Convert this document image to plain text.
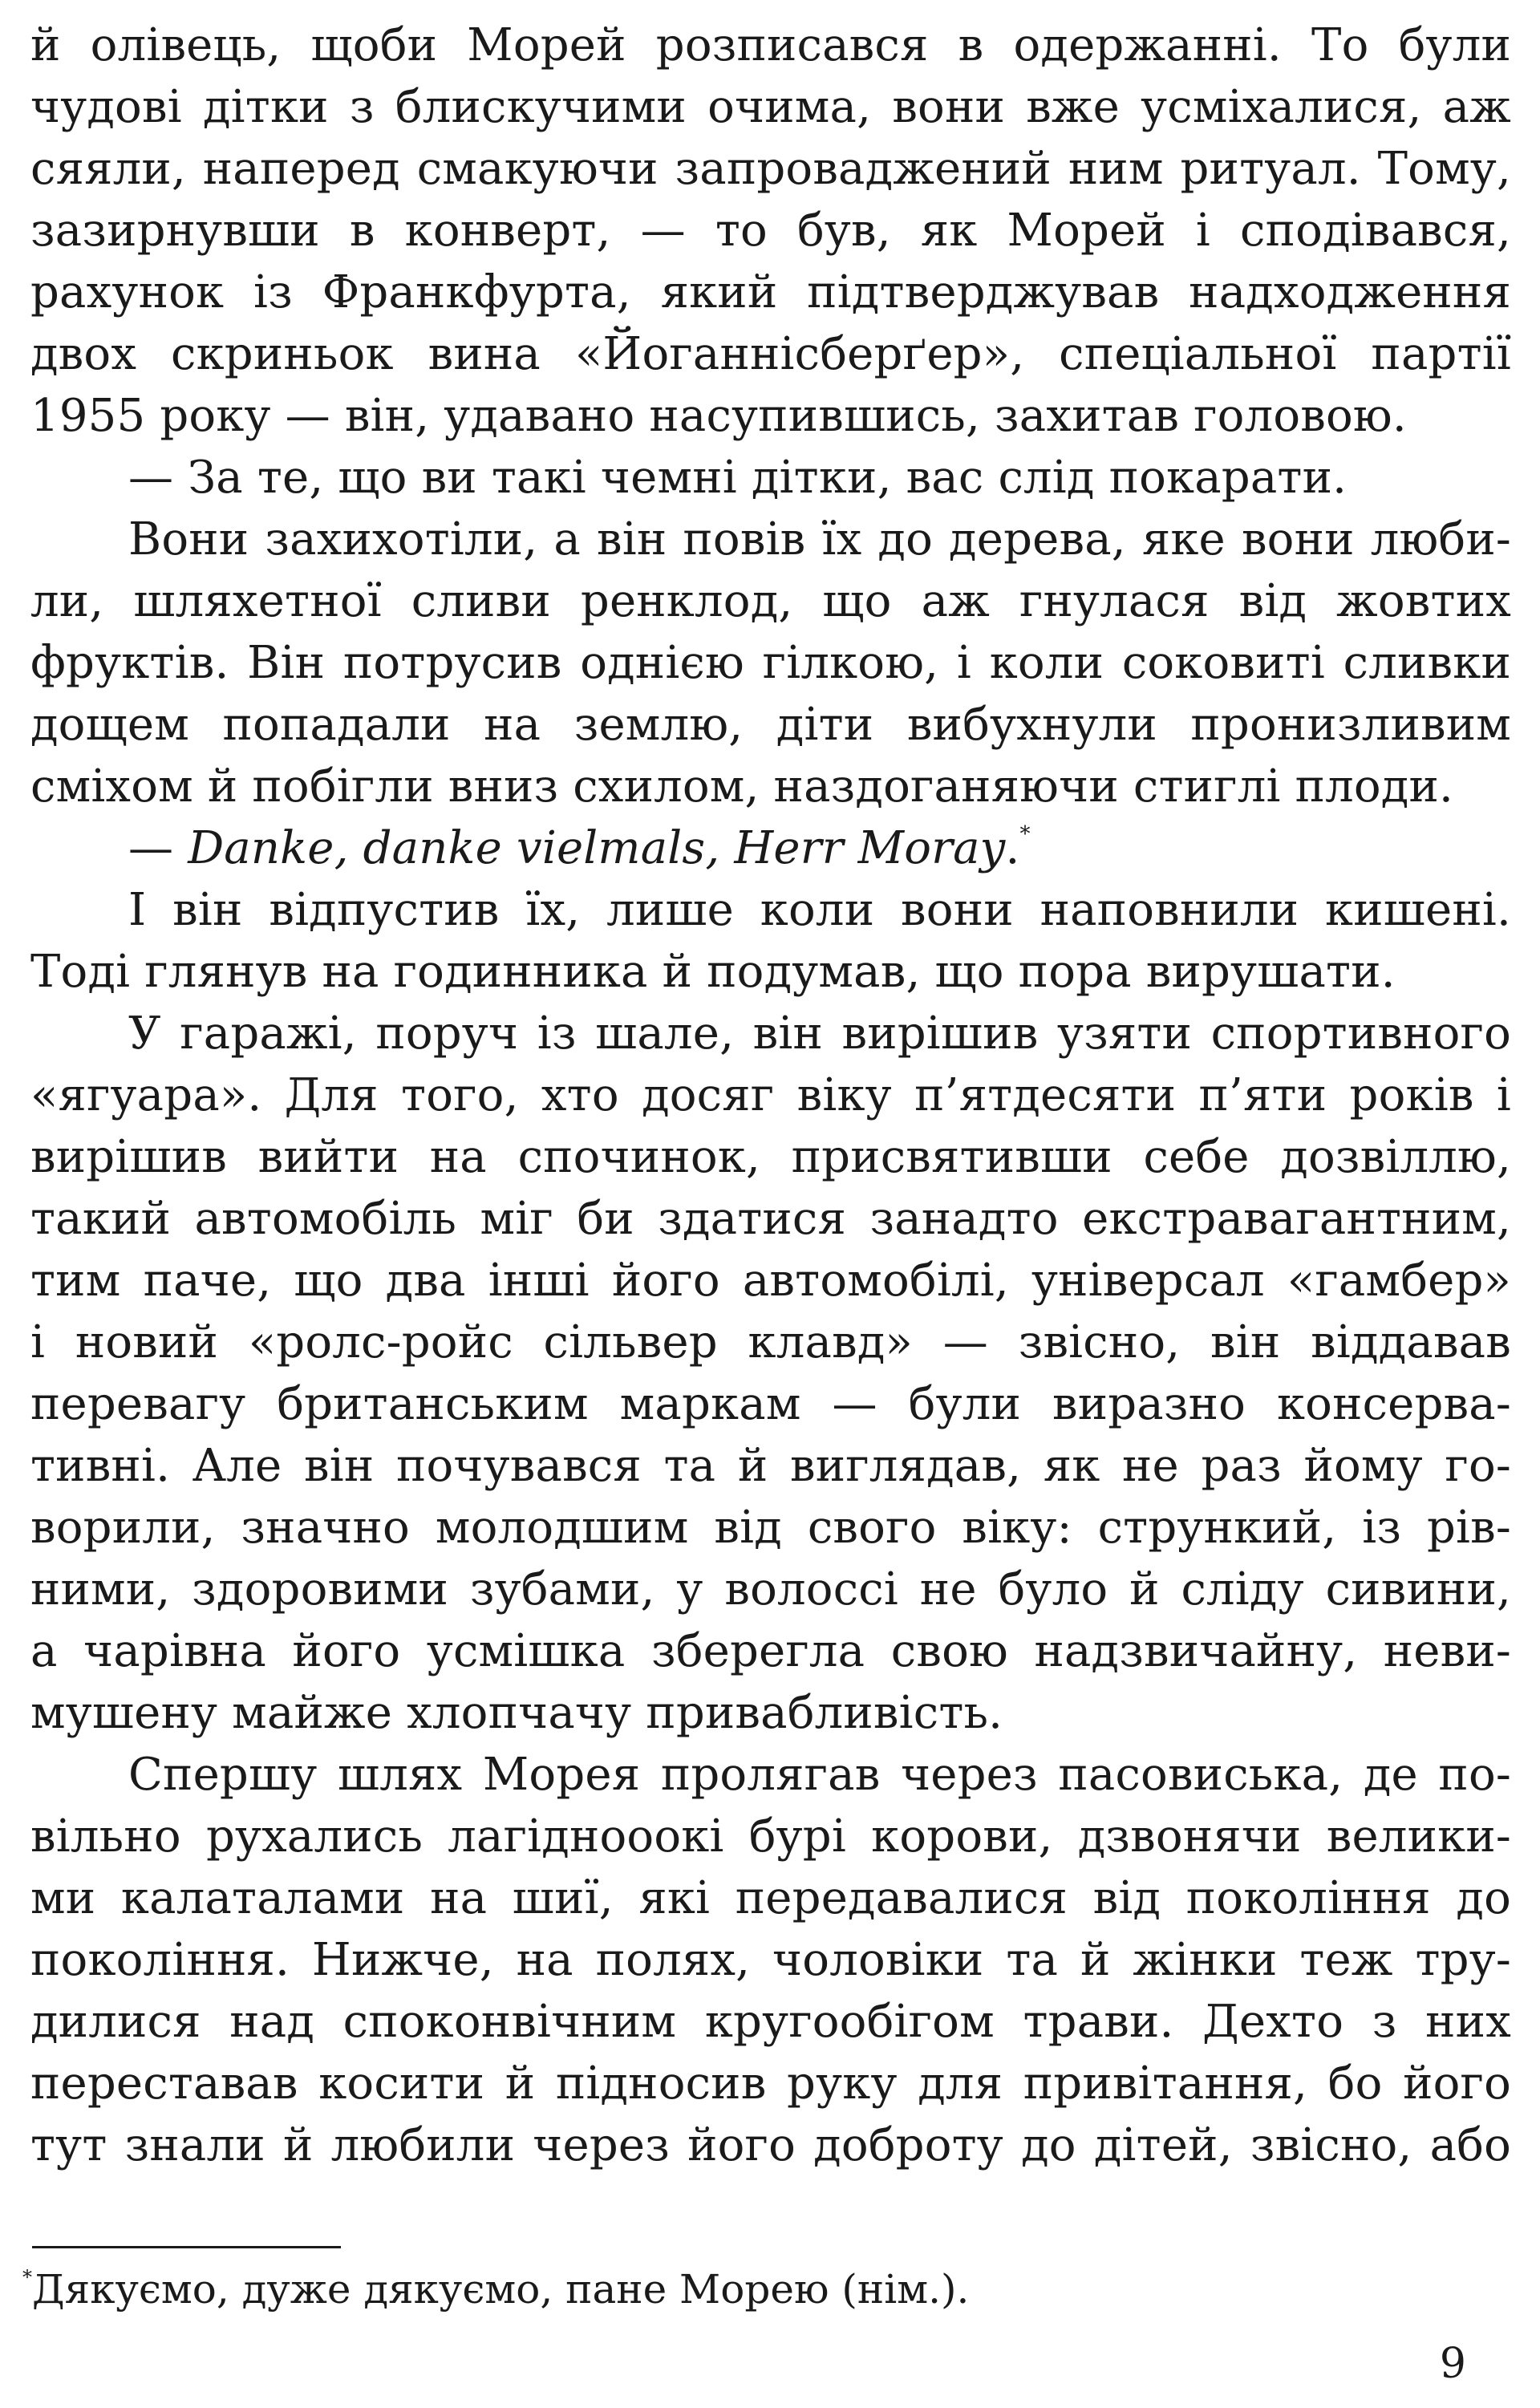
й олівець, щоби Морей розписався в одержанні. То були
чудові дітки з блискучими очима, вони вже усміхалися, аж
сяяли, наперед смакуючи запроваджений ним ритуал. Тому,
зазирнувши в конверт, — то був, як Морей і сподівався,
рахунок із Франкфурта, який підтверджував надходження
двох скриньок вина «Йоганнісберґер», спеціальної партії
1955 року — він, удавано насупившись, захитав головою.
— За те, що ви такі чемні дітки, вас слід покарати.
Вони захихотіли, а він повів їх до дерева, яке вони люби-
ли, шляхетної сливи ренклод, що аж гнулася від жовтих
фруктів. Він потрусив однією гілкою, і коли соковиті сливки
дощем попадали на землю, діти вибухнули пронизливим
сміхом й побігли вниз схилом, наздоганяючи стиглі плоди.
— Danke, danke vielmals, Herr Moray.*
І він відпустив їх, лише коли вони наповнили кишені.
Тоді глянув на годинника й подумав, що пора вирушати.
У гаражі, поруч із шале, він вирішив узяти спортивного
«ягуара». Для того, хто досяг віку п’ятдесяти п’яти років і
вирішив вийти на спочинок, присвятивши себе дозвіллю,
такий автомобіль міг би здатися занадто екстравагантним,
тим паче, що два інші його автомобілі, універсал «гамбер»
і новий «ролс-ройс сільвер клавд» — звісно, він віддавав
перевагу британським маркам — були виразно консерва-
тивні. Але він почувався та й виглядав, як не раз йому го-
ворили, значно молодшим від свого віку: стрункий, із рів-
ними, здоровими зубами, у волоссі не було й сліду сивини,
а чарівна його усмішка зберегла свою надзвичайну, неви-
мушену майже хлопчачу привабливість.
Спершу шлях Морея пролягав через пасовиська, де по-
вільно рухались лагіднооокі бурі корови, дзвонячи велики-
ми калаталами на шиї, які передавалися від покоління до
покоління. Нижче, на полях, чоловіки та й жінки теж тру-
дилися над споконвічним кругообігом трави. Дехто з них
переставав косити й підносив руку для привітання, бо його
тут знали й любили через його доброту до дітей, звісно, або
*Дякуємо, дуже дякуємо, пане Морею (нім.).
9
